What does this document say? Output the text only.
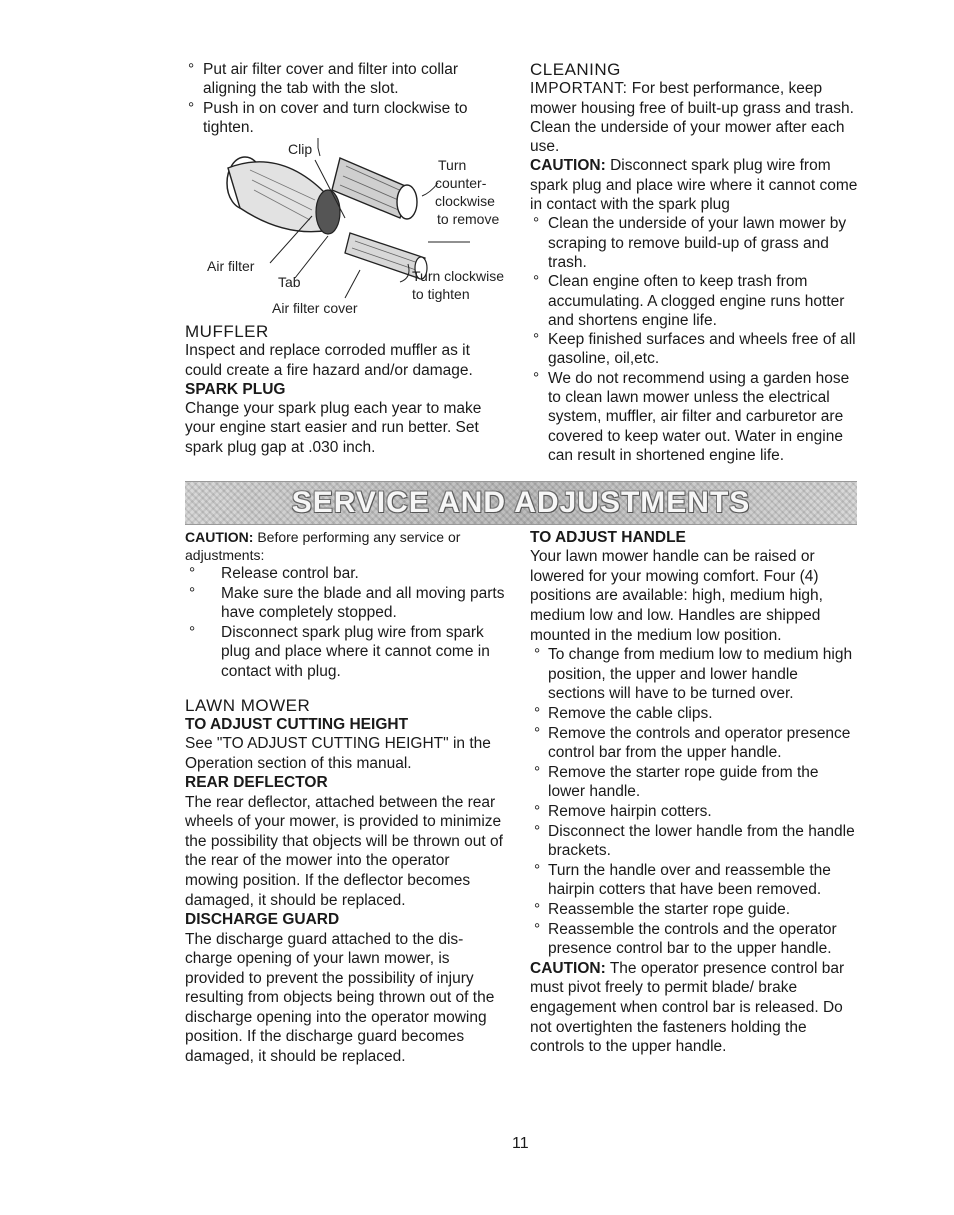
° Put air filter cover and filter into collar aligning the tab with the slot.
° Push in on cover and turn clockwise to tighten.
Clip
Turn
counter-
clockwise
to remove
Air filter
Tab	Turn clockwise
to tighten
Air filter cover

MUFFLER

Inspect and replace corroded muffler as it could create a fire hazard and/or damage.

SPARK PLUG

Change your spark plug each year to make your engine start easier and run better. Set spark plug gap at .030 inch.

CLEANING

IMPORTANT: For best performance, keep mower housing free of built-up grass and trash. Clean the underside of your mower after each use.

CAUTION: Disconnect spark plug wire from spark plug and place wire where it cannot come in contact with the spark plug

° Clean the underside of your lawn mower by scraping to remove build-up of grass and trash.
° Clean engine often to keep trash from accumulating. A clogged engine runs hotter and shortens engine life.
° Keep finished surfaces and wheels free of all gasoline, oil,etc.
° We do not recommend using a garden hose to clean lawn mower unless the electrical system, muffler, air filter and carburetor are covered to keep water out. Water in engine can result in shortened engine life.
SERVICE AND ADJUSTMENTS

CAUTION: Before performing any service or adjustments:

° Release control bar.
° Make sure the blade and all moving parts have completely stopped.
° Disconnect spark plug wire from spark plug and place where it cannot come in contact with plug.

LAWN MOWER

TO ADJUST CUTTING HEIGHT

See "TO ADJUST CUTTING HEIGHT" in the Operation section of this manual.

REAR DEFLECTOR

The rear deflector, attached between the rear wheels of your mower, is provided to minimize the possibility that objects will be thrown out of the rear of the mower into the operator mowing position. If the deflector becomes damaged, it should be replaced.

DISCHARGE GUARD

The discharge guard attached to the dis-charge opening of your lawn mower, is provided to prevent the possibility of injury resulting from objects being thrown out of the discharge opening into the operator mowing position. If the discharge guard becomes damaged, it should be replaced.

TO ADJUST HANDLE

Your lawn mower handle can be raised or lowered for your mowing comfort. Four (4) positions are available: high, medium high, medium low and low. Handles are shipped mounted in the medium low position.

° To change from medium low to medium high position, the upper and lower handle sections will have to be turned over.
° Remove the cable clips.
° Remove the controls and operator presence control bar from the upper handle.
° Remove the starter rope guide from the lower handle.
° Remove hairpin cotters.
° Disconnect the lower handle from the handle brackets.
° Turn the handle over and reassemble the hairpin cotters that have been removed.
° Reassemble the starter rope guide.
° Reassemble the controls and the operator presence control bar to the upper handle.

CAUTION: The operator presence control bar must pivot freely to permit blade/ brake engagement when control bar is released. Do not overtighten the fasteners holding the controls to the upper handle.

11
